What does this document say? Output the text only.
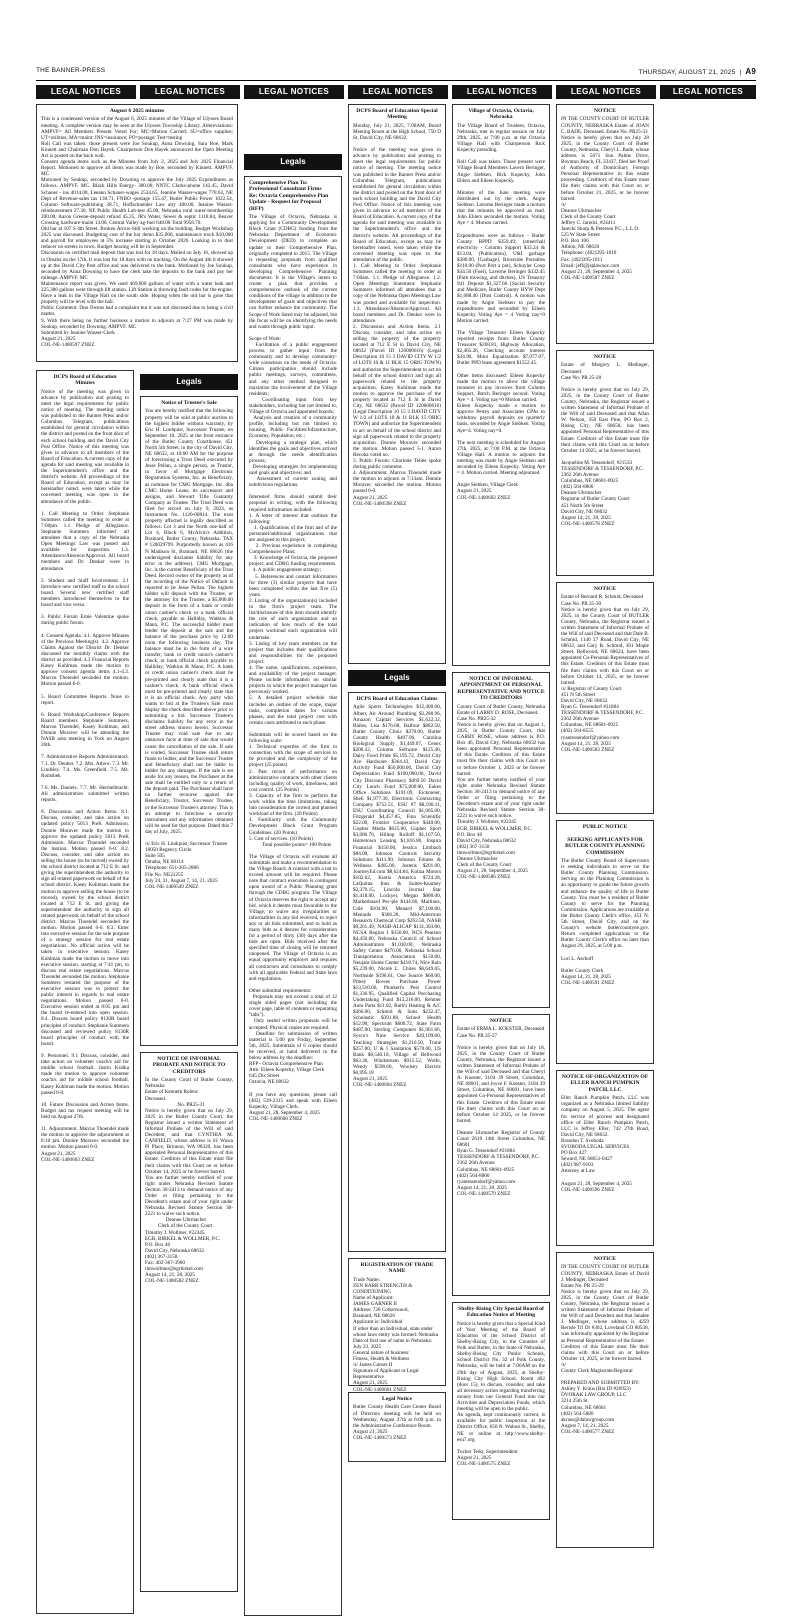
THE BANNER-PRESS	THURSDAY, AUGUST 21, 2025  |  A9
LEGAL NOTICES	LEGAL NOTICES	LEGAL NOTICES	LEGAL NOTICES	LEGAL NOTICES	LEGAL NOTICES	LEGAL NOTICES
August 6 2025 minutes

This is a condensed version of the August 6, 2025 minutes of the Village of Ulysses Board meeting. A complete version may be seen at the Ulysses Township Library. Abbreviations: AMPVF= All Members Present Voted For; MC=Motion Carried; SU=office supplies; UT=utilities; MA=maint; INS=insurance; PO=postage; Test=testing
Roll Call was taken: those present were Joe Soukup, Anna Downing, Sara Boe, Mark Kinnett and Chairman Don Hayek. Chairperson Don Hayek announced the Open Meeting Act is posted on the back wall.
Consent agenda items such as the Minutes from July 2, 2025 and July 2025 Financial Report. Motioned to approve all items was made by Boe, seconded by Kinnett. AMPVF. MC
Motioned by Soukup, seconded by Downing to approve the July 2025 Expenditures as follows. AMPVF. MC. Black Hills Energy- 380.00, NNTC Clarks-phone 142.45, David Schauer - ins 4014.00, Leeann Schauer-wages 2534.65, Jeanine Wasser-wages 778.62, NE Dept of Revenue-sales tax 130.71, FNBO -postage 155.47, Butler Public Power 1022.54, Column Software-publishing 38.71, Hoffschneider Law atty 400.00, Jeanine Wasser-reimbursement 27.30, NE Public Health Lab-test 45.00, Nebraska rural water-membership 200.00, Aaron Greene-deposit refund 45.25, JR's Water, Sewer & septic 1118.84, Beaver Crossing hardware-maint 13.08, Central Valley ag-fuel 648.08 Total 9958.70.
Old bar at 107 S 4th Street. Broken Arrow-Still working on the building. Budget Workshop 2025 was discussed. Budgeting cost of the bar demo $35,000, maintenance truck $10,000 and payroll for employees at 5% increase starting in October 2026. Looking in to dust reducer on streets in town. Budget hearing will be in September.
Discussion on certified mail deposit that was lost for 18 days. Mailed on July 16, showed up in Omaha on the 17th. It was lost for 18 days with no tracking. On the August 4th it showed up at the David City Post office and was delivered to the bank. Motioned by Joe Soukup, seconded by Anna Downing to have the clerk take the deposits to the bank and pay her mileage. AMPVF. MC
Maintenance report was given. We used 469,000 gallons of water with a water leak and 225,386 gallons went through lift station. Lift Station is throwing fault codes for the engine. Have a leak in the Village Hall on the south side. Hoping when the old bar is gone that property will be level with the hall.
Public Comment: Don Owens had a complaint but it was not discussed due to being a civil matter.
9. With there being no further business a motion to adjourn at 7:27 PM was made by Soukup, seconded by Downing. AMPVF. MC
Submitted by Jeanine Wasser-Clerk
August 21, 2025
COL-NE-1400597 ZNEZ

DCPS Board of Education
Minutes

Notice of the meeting was given in advance by publication and posting to meet the legal requirements for public notice of meeting. The meeting notice was published in the Banner Press and/or Columbus Telegram, publications established for general circulation within the district and posted on the front door of each school building and the David City Post Office. Notice of this meeting was given in advance to all members of the Board of Education. A current copy of the agenda for said meeting was available in the Superintendent's office and the district's website. All proceedings of the Board of Education, except as may be hereinafter noted, were taken while the convened meeting was open to the attendance of the public.

1. Call Meeting to Order. Stephanie Summers called the meeting to order at 7:00pm. 1.1 Pledge of Allegiance. Stephanie Summers informed all attendees that a copy of the Nebraska Open Meetings Law was posted and available for inspection. 1.3. Attendance/Absence/Approval. All board members and Dr. Denker were in attendance.

2. Student and Staff Involvement. 2.1 Introduce new certified staff to the school board. Several new certified staff members introduced themselves to the board and vice versa.

3. Public Forum Ernie Valentine spoke during public forum.

4. Consent Agenda. 4.1. Approve Minutes of the Previous Meeting(s). 4.2. Approve Claims Against the District Dr. Denker discussed the monthly claims with the district as provided. 4.3 Financial Reports Kasey Kuhlman made the motion to approve consent agenda items 4.1-4.3. Marcus Thoendel seconded the motion. Motion passed 6-0.

5. Board Committee Reports. None to report.

6. Board Workshop/Conference Reports Board members Stephanie Summers, Marcus Thoendel, Kasey Kuhlman, and Donnie Moravec will be attending the NASB area meeting in York on August 26th.

7. Administrative Reports Administrators. 7.1. Dr. Denker. 7.2. Mrs. Athow. 7.3. Mr. Lindsley. 7.4. Ms. Greenfield. 7.5. Ms. Romshek

7.6. Ms. Daniels. 7.7. Mr. Hermelbracht. All administration submitted written reports.

8. Discussion and Action Items. 8.1. Discuss, consider, and take action on updated policy 5013 PreK Admission. Donnie Moravec made the motion to approve the updated policy 5013 PreK Admission. Marcus Thoendel seconded the motion. Motion passed 6-0. 8.2. Discuss, consider, and take action on selling the house (to be moved) owned by the school district located at 712 E St. and giving the superintendent the authority to sign all related paperwork on behalf of the school district. Kasey Kuhlman made the motion to approve selling the house (to be moved), owned by the school district located at 712 E St. and giving the superintendent the authority to sign all related paperwork on behalf of the school district. Marcus Thoendel seconded the motion. Motion passed 6-0. 8.3. Enter into executive session for the sole purpose of a strategy session for real estate negotiations. No official action will be taken in executive session. Kasey Kuhlman made the motion to move into executive session, starting at 7:41 pm, to discuss real estate negotiations. Marcus Thoendel seconded the motion. Stephanie Summers restated the purpose of the executive session was to protect the public interest in regards to real estate negotiations. Motion passed 6-0. Executive session ended at 8:05 pm and the board re-entered into open session. 8.4. Discuss board policy 8130R board principles of conduct. Stephanie Summers discussed and reviewed policy 8130R board principles of conduct with the board.

9. Personnel. 9.1 Discuss, consider, and take action on volunteer coach/s aid for middle school football. Justin Kralka made the motion to approve volunteer coach/s aid for middle school football. Kasey Kuhlman made the motion. Motion passed 6-0.

10. Future Discussion and Action Items. Budget and tax request meeting will be held on August 27th.

11. Adjournment. Marcus Thoendel made the motion to approve the adjournment at 8:10 pm. Donnie Moravec seconded the motion. Motion passed 6-0.
August 21, 2025
COL-NE-1400603 ZNEZ

Legals
Notice of Trustee's Sale

You are hereby notified that the following property will be sold at public auction to the highest bidder without warranty, by Eric H. Lindquist, Successor Trustee, on September 10, 2025 at the front entrance of the Butler County Courthouse, 451 North 5th Street, in the city of David City, NE 68632, at 10:00 AM for the purpose of foreclosing a Trust Deed executed by Jesse Pellan, a single person, as Trustor, in favor of Mortgage Electronic Registration Systems, Inc. as Beneficiary, as nominee for CMG Mortgage, Inc. dba CMG Home Loans, its successors and assigns, and Stewart Title Guaranty Company as Trustee. The Trust Deed was filed for record on July 9, 2023, as Instrument No. 1120-00814. The trust property affected is legally described as follows: Lot 3 and the North one-half of Lot 4, Block 6, McAlvin's Addition, Brainard, Butler County, Nebraska. TAX # 120029799. Purportedly known as 416 N Madison St, Brainard, NE 68626 (the undersigned disclaims liability for any error in the address). CMG Mortgage, Inc. is the current Beneficiary of the Trust Deed. Record owner of the property as of the recording of the Notice of Default is reported to be Jesse Pellan. The highest bidder will deposit with the Trustee, or the attorney for the Trustee, a $5,000.00 deposit in the form of a bank or credit union cashier's check or a bank official check, payable to Halliday, Watkins & Mann, P.C. The successful bidder must tender the deposit at the sale and the balance of the purchase price by 12:00 noon the following business day. The balance must be in the form of a wire transfer, bank or credit union's cashier's check, or bank official check payable to Halliday, Watkins & Mann, P.C. A bank or credit union cashier's check must be pre-printed and clearly state that it is a cashier's check. A bank official check must be pre-printed and clearly state that it is an official check. Any party who wants to bid at the Trustee's Sale must display the check described above prior to submitting a bid. Successor Trustee's disclaims liability for any error in the street address shown herein. Successor Trustee may void sale due to any unknown facts at time of sale that would cause the cancellation of the sale. If sale is voided, Successor Trustee shall return funds to bidder, and the Successor Trustee and Beneficiary shall not be liable to bidder for any damages. If the sale is set aside for any reason, the Purchaser at the sale shall be entitled only to a return of the deposit paid. The Purchaser shall have no further recourse against the Beneficiary, Trustor, Successor Trustee, or the Successor Trustee's attorney. This is an attempt to foreclose a security instrument and any information obtained will be used for that purpose. Dated this 7 day of July, 2025.

/s/ Eric H. Lindquist, Successor Trustee
10050 Regency Circle
Suite 505
Omaha, NE 68114
Telephone: 651-205-2886
File No. NE21255
July 24, 31, August 7, 14, 21, 2025
COL-NE-1400549 ZNEZ

NOTICE OF INFORMAL PROBATE AND NOTICE TO CREDITORS

In the County Court of Butler County, Nebraska
Estate of Kenneth Rolenc
Deceased.
No. PR25-31
Notice is hereby given that on July 29, 2025 in the Butler County Court, the Registrar issued a written Statement of Informal Probate of the Will of said Decedent, and that CYNTHIA M. CANFIELD, whose address is 61 Wawa Pl Place, Brinnon, WA 98320, has been appointed Personal Representative of this Estate. Creditors of this Estate must file their claims with this Court on or before October 14, 2025 or be forever barred.
You are further hereby notified of your right under Nebraska Revised Statute Section 30-2413 to demand notice of any Order or filing pertaining to the Decedent's estate and of your right under Nebraska Revised Statute Section 30-2221 to waive such notice.
Deanne Uhrmacher
Clerk of the County Court
Timothy J. Wollmer, #22345
EGR, BIRKEL & WOLLMER, P.C.
P.O. Box 46
David City, Nebraska 68632
(402) 367-3158
Fax: 402-367-3900
timwollmer@egrbirkel.com
August 14, 21, 28, 2025
COL-NE-1400582 ZNEZ

Legals
Comprehensive Plan To: Professional Consultant Firms
Re: Octavia Comprehensive Plan Update - Request for Proposal (RFP)

The Village of Octavia, Nebraska is applying for a Community Development Block Grant (CDBG) funding from the Nebraska Department of Economic Development (DED) to complete an update to their Comprehensive Plan, originally completed in 2015. The Village is requesting proposals from qualified consultants who have experience in developing Comprehensive Planning documents. It is the Village's intent to create a plan that provides a comprehensive outlook of the current conditions of the village in addition to the development of goals and objectives that can further enhance the community. The Scope of Work listed may be adjusted, but the focus will be on identifying the needs and wants through public input.

Scope of Work:
Facilitation of a public engagement process to gather input from the community and to develop community-wide consensus on the needs of Octavia. Citizen participation should include public meetings, surveys, committees, and any other method designed to maximize the involvement of the Village residents;
Coordinating input from key stakeholders, including but not limited to, Village of Octavia and appointed boards;
Analysis and creation of a community profile, including but not limited to housing, Public Facilities/Infrastructure, Economy, Population, etc.;
Developing a strategic plan, which identifies the goals and objectives arrived at through the needs identification process;
Developing strategies for implementing said goals and objectives; and
Assessment of current zoning and subdivision regulations.

Interested firms should submit their proposal in writing, with the following required information included:
1. A letter of interest that outlines the following:
1. Qualifications of the firm and of the personnel/additional organizations that are assigned to this project;
2. Previous experience in completing Comprehensive Plans;
3. Knowledge of Octavia, the proposed project, and CDBG funding requirements.
4. A public engagement strategy;
5. References and contact information for three (3) similar projects that have been completed within the last five (5) years.
2. Listing of the organization(s) included in the firm's project team. The list/disclosure of this item should identify the role of each organization and an indication of how much of the total project workload each organization will undertake.
3. Listing of key team members on the project that includes their qualifications and responsibilities for the proposed project.
4. The name, qualifications, experience, and availability of the project manager. Please include information on similar projects in which the project manager has previously worked.
5. A detailed project schedule that includes an outline of the scope, major tasks, completion dates for various phases, and the total project cost with certain costs attributed to each phase.

Submittals will be scored based on the following scale:
1. Technical expertise of the firm in connection with the scope of services to be provided and the complexity of the project (25 points)
2. Past record of performance on administrative contracts with other clients including quality of work, timeliness, and cost control. (25 Points)
3. Capacity of the firm to perform the work within the time limitations, taking into consideration the current and planned workload of the firm. (20 Points)
4. Familiarity with the Community Development Block Grant Program Guidelines. (20 Points)
5. Cost of services. (10 Points)
Total possible points= 100 Points

The Village of Octavia will evaluate all submittals and make a recommendation to the Village Board. A contract with a not to exceed amount will be required. Please note that contract execution is contingent upon award of a Public Planning grant through the CDBG program. The Village of Octavia reserves the right to accept any bid, which it deems most favorable to the Village, to waive any irregularities or informalities in any bid received, to reject any or all bids submitted, and to hold as many bids as it desires for consideration for a period of thirty (30) days after the bids are open. Bids received after the specified time of closing will be returned unopened. The Village of Octavia is an equal opportunity employer and requires all contractors and consultants to comply with all applicable Federal and State laws and regulations.

Other submittal requirements:
Proposals may not exceed a total of 12 single sided pages (not including the cover page, table of contents or separating "tabs").
Only sealed written proposals will be accepted. Physical copies are required.
Deadline for submission of written material is 5:00 pm Friday, September 5th, 2025. Submittals of 6 copies should be received, or hand delivered to the below address by the deadline:
RFP - Octavia Comprehensive Plan
Attn: Eileen Kopecky, Village Clerk
645 Dix Street
Octavia, NE 68632

If you have any questions, please call (402) 539-2315 and speak with Eileen Kopecky, Village Clerk.
August 21, 28, September 4, 2025
COL-NE-1400600 ZNEZ

DCPS Board of Education Special Meeting

Monday, July 21, 2025, 7:00AM, Board Meeting Room at the High School, 750 D St, David City, NE 68632.

Notice of the meeting was given in advance by publication and posting to meet the legal requirements for public notice of meeting. The meeting notice was published in the Banner Press and/or Columbus Telegram, publications established for general circulation within the district and posted on the front door of each school building and the David City Post Office. Notice of this meeting was given in advance to all members of the Board of Education. A current copy of the agenda for said meeting was available in the Superintendent's office and the district's website. All proceedings of the Board of Education, except as may be hereinafter noted, were taken while the convened meeting was open to the attendance of the public.
1. Call Meeting to Order. Stephanie Summers called the meeting to order at 7:00am. 1.1. Pledge of Allegiance. 1.2. Open Meetings Statement: Stephanie Summers informed all attendees that a copy of the Nebraska Open Meetings Law was posted and available for inspection. 1.3. Attendance/Absence/Approval. All board members and Dr. Denker were in attendance.
2. Discussion and Action Items. 2.1 Discuss, consider, and take action on selling the property of the property located at 712 E St in David City, NE 68632 (Parcel ID 120000616) (Legal Description 10 15 3 DAVID CITY W 1/2 of LOTS 10 & 11 BLK 15 ORIG TOWN) and authorize the Superintendent to act on behalf of the school district and sign all paperwork related to the property acquisition. Kasey Kuhlman made the motion to approve the purchase of the property located at 712 E St in David City, NE 68632 (Parcel ID 120000616) (Legal Description 10 15 3 DAVID CITY W 1/2 of LOTS 10 & 11 BLK 15 ORIG TOWN) and authorize the Superintendent to act on behalf of the school district and sign all paperwork related to the property acquisition. Donnie Moravec seconded the motion. Motion passed 5-1. Aaron Recoha voted no.
3. Public Forum: Charlotte Tebbe spoke during public comment.
4. Adjournment. Marcus Thoendel made the motion to adjourn at 7:13am. Donnie Moravec seconded the motion. Motion passed 6-0.
August 21, 2025
COL-NE-1400598 ZNEZ

Legals
DCPS Board of Education Claims

Agile Sports Technologies $12,400.00, Albers Air Around Plumbing $2,288.96, Amazon Capital Services $1,622.32, Bailes, Lisa $176.68, Balfour $882.50, Butler County Clinic $370.00, Butler County Health $407.96, Carolina Biological Supply $1,449.07, Cenex $206.32, Column Software $125.40, Dairy Food Pride $5,195.72, David City Ace Hardware $364.43, David City Activity Fund $50,000.00, David City Depreciation Fund $100,000.00, David City Discount Pharmacy $469.56 David City Lunch Fund $75,000.00, Eakes Office Solutions $191.09, Eickmeier, Sheli $1,977.30, Electronic Contracting Company $752.51, ESU #7 $8,190.11, ESU Coordinating Council $1,065.00, Fitzgerald $4,457.85, Finn Scientific $22.00, Frontier Cooperative $440.00, Gopher Media $625.00, Gopher Sport $3,086.76, Hilltop Rolloff $1,107.50, Hometown Leasing $1,816.86, Inspira Financial $150.00, Jessica Limbach $84.00, Johnson Controls Security Solutions $111.90, Johnson Fitness & Wellness $405.00, Jostens $201.00, JourneyEd.com $8,624.84, Kobza Motors $102.62, Kurtis America $724.28, LaQuinta Inns & Suites-Kearney $2,379.15, Lincoln Journal Star $1,418.00, Lockyer, Megan $800.00, Marketboard Pec-ple $144.66, Martinez, Cole $104.90, Menard $7,100.00, Menards $366.28, Mid-American Research Chemical Corp $263.50, NASB $9,261.49, NASB-ALICAP $131,303.00, NCSA Region I $150.00, NCS Pearson $4,450.00, Nebraska Council of School Administrators $1,010.00, Nebraska Safety Center $470.00, Nebraska School Transportation Association $150.00, Neujahr Home Center $418.74, Nice Rain $5,239.00, Nicole L. Chiles $6,649.05, Northside $196.61, One Source $60.00, Pitney Bowes Purchase Power $13,510.66, Plunkett's Pest Control $1,336.95, Qualified Capital Purchasing Undertaking Fund $13,216.00, Rehmer Auto Parts $11.82, Ruth's Heating & A/C $366.00, Schmid & Sons $232.47, Scholastic $391.88, School Health $12.90, Spectrum $600.72, State Farm $487.00, Sterling Computers $1,961.66, Sysco's Nine Service $20,109.60, Teaching Strategies $1,210.50, Trane $257.00, U & I Sanitation $570.00, US Bank $6,540.18, Village of Bellwood $63.30, Windstream $915.52, Wolfe, Wendy $598.60, Woolsey Electric $6,995.18
August 21, 2025
COL-NE-1400604 ZNEZ

REGISTRATION OF TRADE NAME

Trade Name:
ZEN BARR STRENGTH & CONDITIONING
Name of Applicant:
JAMES GARNER II
Address: 720 Cottonwood,
Brainard, NE 68626
Applicant is: Individual
If other than an Individual, state under whose laws entity was formed: Nebraska
Date of first use of name in Nebraska: July 23, 2025
General nature of business:
Fitness, Health & Wellness
/s/ James Garner II
Signature of Applicant or Legal Representative
August 21, 2025
COL-NE-1400601 ZNEZ

Legal Notice

Butler County Health Care Center Board of Directors meeting will be held on Wednesday, August 27th at 6:00 p.m. in the Administrative Conference Room.
August 21, 2025
COL-NE-1400573 ZNEZ

Village of Octavia, Octavia, Nebraska

The Village Board of Trustees, Octavia, Nebraska, met in regular session on July 29th, 2025, at 7:00 p.m. at the Octavia Village Hall with Chairperson Rick Kopecky presiding.

Roll Call was taken. Those present were Village Board Members Lavern Beringer, Angie Siebken, Rick Kopecky, John Ehlers and Eileen Kopecky.

Minutes of the June meeting were distributed out by the clerk. Angie Siebken. Laverne Beringer made a motion that the minutes be approved as read. John Ehlers seconded the motion. Voting Aye = 4. Motion carried.

Expenditures were as follows - Butler County RPPD $359.49; (street/hall electricity - Column Support $33.24 & $13.04, (Publication), U&I garbage $380.00, (Garbage), Riverside Portables $110.00 (Port Port a pot), Schuyler Coop $34.50 (Fuel), Laverne Beringer $332.45 (Park mowing, and ditches), US Treasury 941 Deposit $1,327.66 (Social Security and Medicare, Butler County HYW Dept $1,688.40 (Dust Control). A motion was made by Angie Siebken to pay the expenditures and seconded by Eileen Kopecky Voting Aye = 4 Voting nay=0 Motion carried.

The Village Treasurer Eileen Kopecky reported receipts from: Butler County Treasurer $268.81, Highway Allocation, $2,465.26, Checking account interest $34.90, Muni Equalization $7,077.07, Butler PPD lease agreement $1552.45.

Other items discussed: Eileen Kopecky made the motion to allow the village treasurer to pay invoices from Column Support, Butch Beringer second. Voting Aye = 4. Voting nay=0 Motion carried.
Eileen Kopecky made a motion to approve Petrey and Associates CPAs to withdraw payroll deposits on quarterly basis, seconded by Angie Siebken. Voting Aye=4. Voting nay=0.

The next meeting is scheduled for August 27th, 2025, at 7:00 P.M. at the Octavia Village Hall. A motion to adjourn the meeting was made by Angie Siebken and seconded by Eileen Kopecky. Voting Aye = 4. Motion carried. Meeting adjourned.

Angie Siebken, Village Clerk
August 21, 2025
COL-NE-1400602 ZNEZ

NOTICE OF INFORMAL APPOINTMENT OF PERSONAL REPRESENTATIVE AND NOTICE TO CREDITORS

County Court of Butler County, Nebraska Estate of LARRY D. ROSE, Deceased.
Case No. PR25-32
Notice is hereby given that on August 1, 2025, in Butler County Court, that GARRY ROSE, whose address is P.O. Box 46, David City, Nebraska 68632 has been appointed Personal Representative of this Estate. Creditors of this Estate must file their claims with this Court on or before October 1, 2025 or be forever barred.
You are further hereby notified of your right under Nebraska Revised Statute Section 30-2413 to demand notice of any Order or filing pertaining to the Decedent's estate and of your right under Nebraska Revised Statute Section 30-2221 to waive such notice.
Timothy J. Wollmer, #22345
EGR, BIRKEL & WOLLMER, P.C.
P.O. Box 46
David City, Nebraska 68632
(402) 367-3158
timwollmer@egrbirkel.com
Deanne Uhrmacher
Clerk of the County Court
August 21, 28, September 4, 2025
COL-NE-1400586 ZNEZ

NOTICE

Estate of ERMA L. KOESTER, Deceased
Case No. PR 25-27

Notice is hereby given that on July 18, 2025, in the County Court of Butler County, Nebraska, the Registrar issued a written Statement of Informal Probate of the Will of said Deceased and that Cheryl A. Koester, 3104 39 Street, Columbus, NE 68601, and Joyce F. Koester, 3104 39 Street, Columbus, NE 68601, have been appointed Co-Personal Representatives of this Estate. Creditors of this Estate must file their claims with this Court on or before October 14 2025, or be forever barred.

Deanne Uhrmacher Registrar of County Court 2610 14th Street Columbus, NE 68601
Ryan G. Tessendorf #21884
TESSENDORF & TESSENDORF, P.C.
2362 26th Avenue
Columbus, NE 68601-0925
(402) 564-8800
ryantessendorf@yahoo.com
August 14, 21, 28, 2025
COL-NE-1400579 ZNEZ

Shelby-Rising City Special Board of Education Notice of Meeting

Notice is hereby given that a Special Kind of Year Meeting of the Board of Education of the School District of Shelby-Rising City, in the Counties of Polk and Butler, in the State of Nebraska, Shelby-Rising City Public Schools, School District No. 32 of Polk County, Nebraska, will be held at 7:00AM on the 29th day of August, 2025, at Shelby-Rising City High School, Room 402 (door 15), to discuss, consider, and take all necessary action regarding transferring money from our General Fund into our Activities and Depreciation Funds, which meeting will be open to the public.
An agenda, kept continuously current, is available for public inspection at the District Office, 650 N. Walnut St., Shelby, NE or online at http://www.shelby-esu7.org

Tucker Teikr, Superintendent
August 21, 2025
COL-NE-1400575 ZNEZ

NOTICE

IN THE COUNTY COURT OF BUTLER COUNTY, NEBRASKA Estate of JOAN C. BADE, Deceased. Estate No. PR25-33
Notice is hereby given that on July 28 2025, in the County Court of Butler County, Nebraska, Cheryl L. Bade, whose address is 5071 Sun Palms Drive, Boynton Beach, FL 33437, filed her Proof of Authority of Domiciliary Foreign Personal Representative in this estate proceeding. Creditors of this Estate must file their claims with this Court on or before October 21, 2025, or be forever barred.
/s/
Deanne Uhrmacher
Clerk of the County Court
Jeffrey C. Jarecki, #24411
Jarecki Sharp & Petersen P.C., L.L.O.
525 W State Street
P.O. Box 106
Albion, NE 68620
Telephone: (402)395-1010
Fax: (402)395-1011
Email: jeff@jsplawnoc.com
August 21, 28, September 4, 2025
COL-NE-1400587 ZNEZ

NOTICE

Estate of Margory L. Medinger, Deceased.
Case No. PR 25-28

Notice is hereby given that on July 29, 2025, in the County Court of Butler County, Nebraska, the Registrar issued a written Statement of Informal Probate of the Will of said Deceased and that Allan W. Nelson, 350 East Pine, PO Box 2, Rising City, NE 68658, has been appointed Personal Representative of this Estate. Creditors of this Estate must file their claims with this Court on or before October 14 2025, or be forever barred.

Jacqueline M. Tessendorf, #21533
TESSENDORF & TESSENDORF, P.C.
2362 26th Avenue
Columbus, NE 68601-0925
(402) 564-8800
Deanne Uhrmacher
Registrar of Butler County Court
451 North 5th Street
David City, NE 68632
August 14, 21, 28, 2025
COL-NE-1400578 ZNEZ

NOTICE

Estate of Bernard R. Schmid, Deceased
Case No. PR 25-30
Notice is hereby given that on July 29, 2025, in the County Court of BUTLER County, Nebraska, the Registrar issued a written Statement of Informal Probate of the Will of said Deceased and that Dale B. Schmid, 1140 37 Road, David City, NE 68632, and Gary R. Schmid, 301 Maple Street, Bellwood, NE 68624, have been appointed Co-Personal Representatives of this Estate. Creditors of this Estate must file their claims with this Court on or before October 14, 2025, or be forever barred.
/s/ Registrar of County Court
451 N 5th Street
David City, NE 68632
Ryan G. Tessendorf #21884
TESSENDORF & TESSENDORF, P.C.
2362 26th Avenue
Columbus, NE 68601-0925
(402) 564-8555
ryantessendorf@yahoo.com
August 14, 21, 28, 2025
COL-NE-1400583 ZNEZ

PUBLIC NOTICE

SEEKING APPLICANTS FOR BUTLER COUNTY PLANNING COMMISSION

The Butler County Board of Supervisors is seeking individuals to serve on the Butler County Planning Commission. Serving on the Planning Commission is an opportunity to guide the future growth and enhance the quality of life in Butler County. You must be a resident of Butler County to serve for the Planning Commission. Applications are available at the Butler County Clerk's office, 451 N. 5th Street, David City, and on the County's website butlercountyne.gov. Return completed applications to the Butler County Clerk's office no later than August 29, 2025, at 5:00 p.m.

Lori L. Aschoff

Butler County Clerk
August 14, 21, 28, 2025
COL-NE-1400591 ZNEZ

NOTICE OF ORGANIZATION OF ELLER RANCH PUMPKIN PATCH, LLC

Eller Ranch Pumpkin Patch, LLC was organized as a Nebraska limited liability company on August 5, 2025. The agent for service of process and designated office of Eller Ranch Pumpkin Patch, LLC is Jeffrey Eller, 742 27th Road, David City, NE 68632.
Brandon T. Svoboda
SVOBODA LEGAL SERVICES
PO Box 427
Seward, NE 68651-0427
(402) 987-9103
Attorney at Law

August 21, 28, September 4, 2025
COL-NE-1400596 ZNEZ

NOTICE

IN THE COUNTY COURT OF BUTLER COUNTY, NEBRASKA Estate of David J. Medinger, Deceased
Estate No. PR 25-29
Notice is hereby given that on July 29, 2025, in the County Court of Butler County, Nebraska, the Registrar issued a written Statement of Informal Probate of the Will of said Decedent and that Janalee J. Medinger, whose address is 4259 Rerisle Trl Dr #302, Loveland CO 80538, was informally appointed by the Registrar as Personal Representative of the Estate.
Creditors of this Estate must file their claims with this Court on or before October 14, 2025, or be forever barred.
/s/
County Clerk Magistrate/Registrar

PREPARED AND SUBMITTED BY:
Ashley Y. Kraus (Bar ID #26923)
DVORAK LAW GROUP, LLC
3214 25th St.
Columbus, NE 68601
(402) 564-5880
akraus@dalawgroup.com
August 7, 14, 21, 2025
COL-NE-1400577 ZNEZ
